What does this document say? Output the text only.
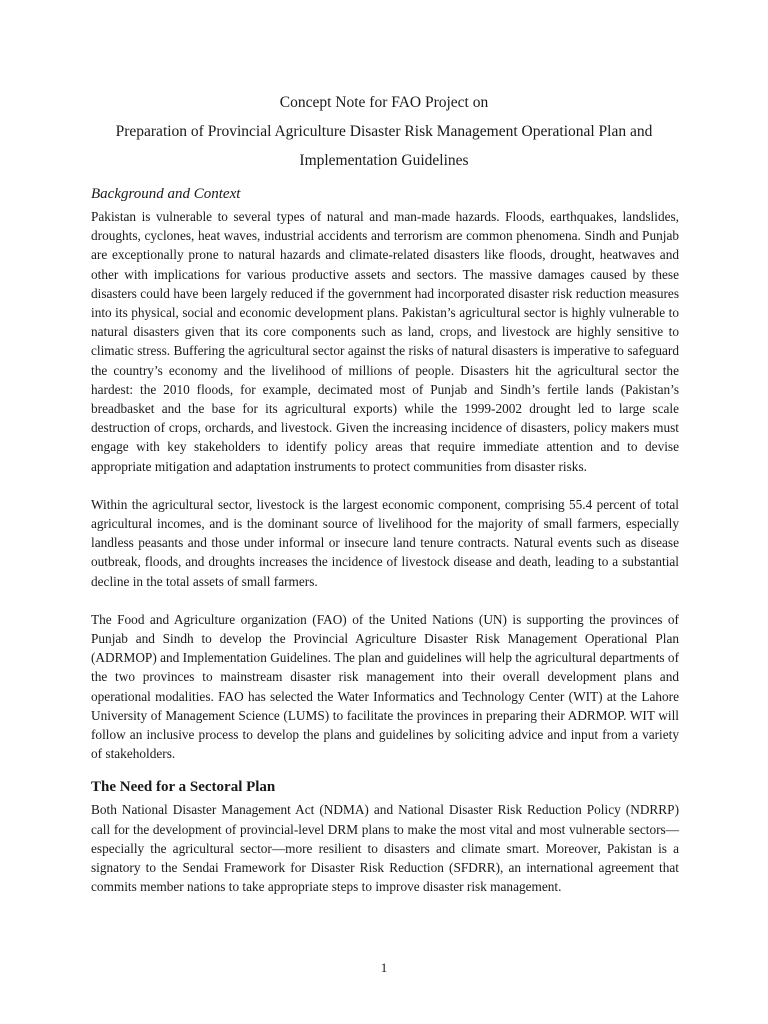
Concept Note for FAO Project on
Preparation of Provincial Agriculture Disaster Risk Management Operational Plan and
Implementation Guidelines
Background and Context

Pakistan is vulnerable to several types of natural and man-made hazards. Floods, earthquakes, landslides, droughts, cyclones, heat waves, industrial accidents and terrorism are common phenomena. Sindh and Punjab are exceptionally prone to natural hazards and climate-related disasters like floods, drought, heatwaves and other with implications for various productive assets and sectors. The massive damages caused by these disasters could have been largely reduced if the government had incorporated disaster risk reduction measures into its physical, social and economic development plans. Pakistan’s agricultural sector is highly vulnerable to natural disasters given that its core components such as land, crops, and livestock are highly sensitive to climatic stress. Buffering the agricultural sector against the risks of natural disasters is imperative to safeguard the country’s economy and the livelihood of millions of people. Disasters hit the agricultural sector the hardest: the 2010 floods, for example, decimated most of Punjab and Sindh’s fertile lands (Pakistan’s breadbasket and the base for its agricultural exports) while the 1999-2002 drought led to large scale destruction of crops, orchards, and livestock. Given the increasing incidence of disasters, policy makers must engage with key stakeholders to identify policy areas that require immediate attention and to devise appropriate mitigation and adaptation instruments to protect communities from disaster risks.

Within the agricultural sector, livestock is the largest economic component, comprising 55.4 percent of total agricultural incomes, and is the dominant source of livelihood for the majority of small farmers, especially landless peasants and those under informal or insecure land tenure contracts. Natural events such as disease outbreak, floods, and droughts increases the incidence of livestock disease and death, leading to a substantial decline in the total assets of small farmers.

The Food and Agriculture organization (FAO) of the United Nations (UN) is supporting the provinces of Punjab and Sindh to develop the Provincial Agriculture Disaster Risk Management Operational Plan (ADRMOP) and Implementation Guidelines. The plan and guidelines will help the agricultural departments of the two provinces to mainstream disaster risk management into their overall development plans and operational modalities. FAO has selected the Water Informatics and Technology Center (WIT) at the Lahore University of Management Science (LUMS) to facilitate the provinces in preparing their ADRMOP. WIT will follow an inclusive process to develop the plans and guidelines by soliciting advice and input from a variety of stakeholders.

The Need for a Sectoral Plan

Both National Disaster Management Act (NDMA) and National Disaster Risk Reduction Policy (NDRRP) call for the development of provincial-level DRM plans to make the most vital and most vulnerable sectors—especially the agricultural sector—more resilient to disasters and climate smart. Moreover, Pakistan is a signatory to the Sendai Framework for Disaster Risk Reduction (SFDRR), an international agreement that commits member nations to take appropriate steps to improve disaster risk management.

1
